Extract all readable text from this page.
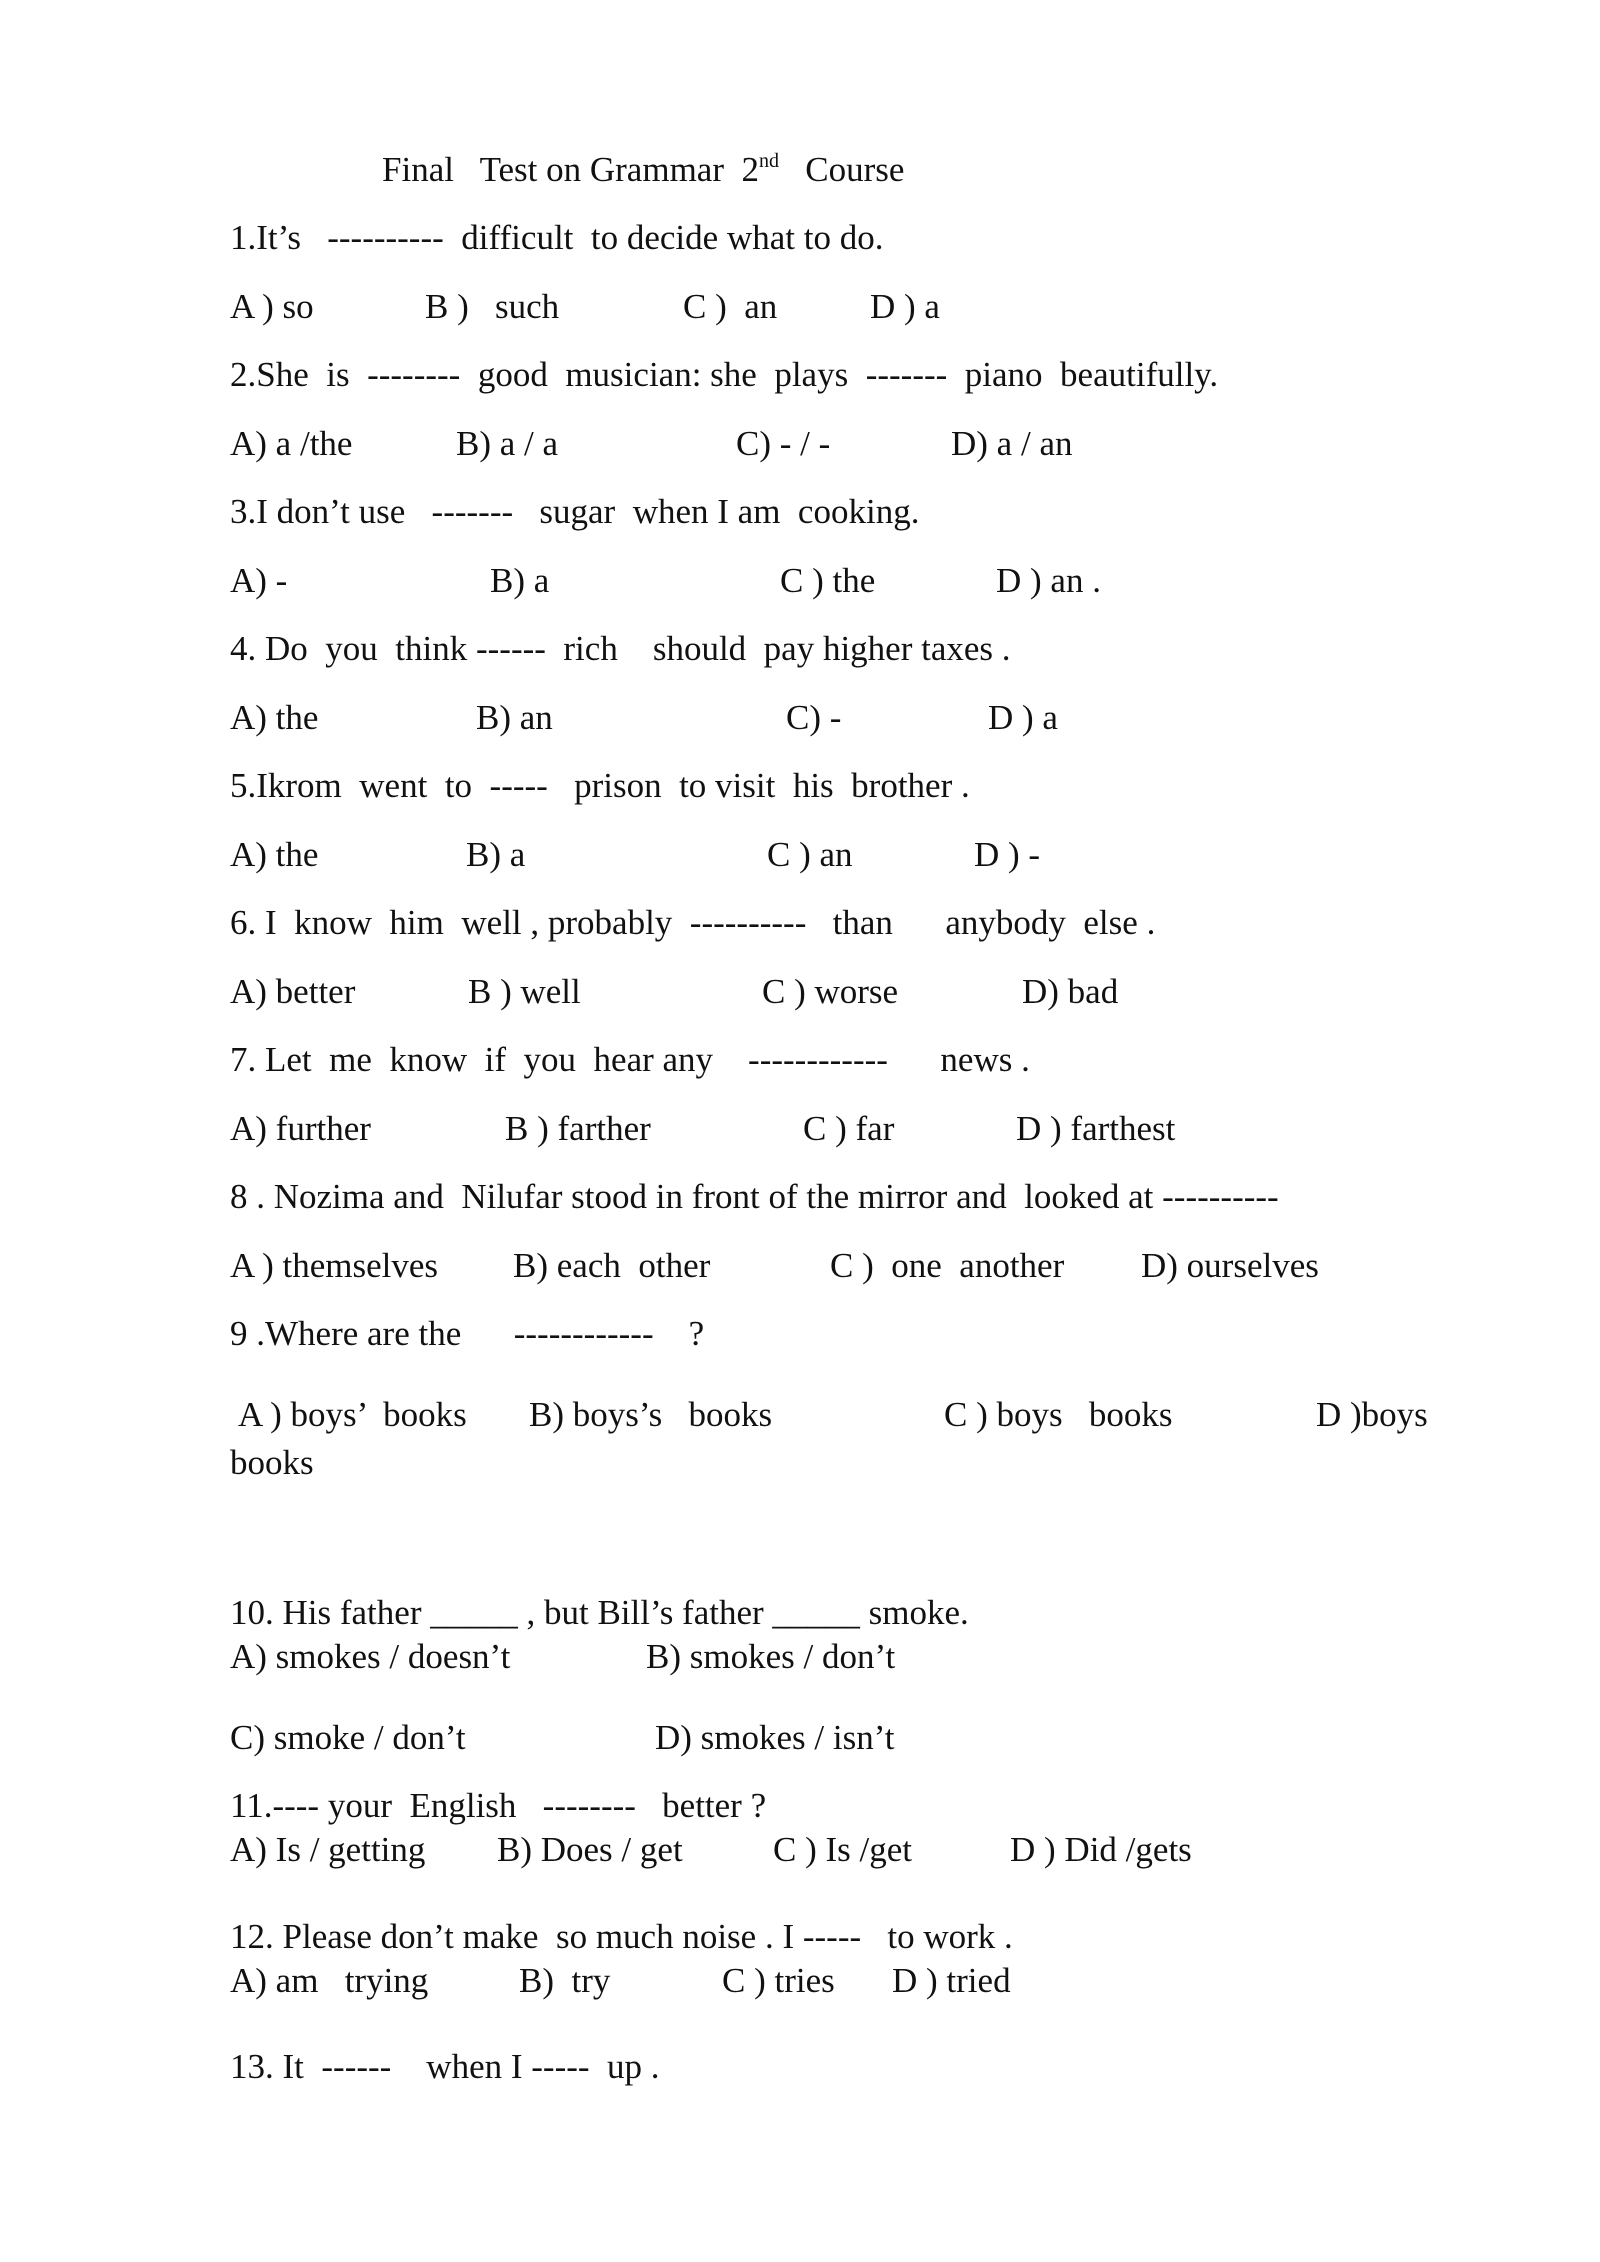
Final   Test on Grammar  2nd   Course
1.It’s   ----------  difficult  to decide what to do.
A ) so	B )   such	C )  an	D ) a
2.She  is  --------  good  musician: she  plays  -------  piano  beautifully.
A) a /the	B) a / a	C) - / -	D) a / an
3.I don’t use   -------   sugar  when I am  cooking.
A) -	B) a	C ) the	D ) an .
4. Do  you  think ------  rich    should  pay higher taxes .
A) the	B) an	C) -	D ) a
5.Ikrom  went  to  -----   prison  to visit  his  brother .
A) the	B) a	C ) an	D ) -
6. I  know  him  well , probably  ----------   than      anybody  else .
A) better	B ) well	C ) worse	D) bad
7. Let  me  know  if  you  hear any    ------------      news .
A) further	B ) farther	C ) far	D ) farthest
8 . Nozima and  Nilufar stood in front of the mirror and  looked at ----------
A ) themselves B) each  other	C )  one  another D) ourselves
9 .Where are the      ------------    ?
A ) boys’  books B) boys’s   books	C ) boys   books	D )boys
books
10. His father _____ , but Bill’s father _____ smoke.
A) smokes / doesn’t	B) smokes / don’t
C) smoke / don’t	D) smokes / isn’t
11.---- your  English   --------   better ?
A) Is / getting B) Does / get	C ) Is /get	D ) Did /gets
12. Please don’t make  so much noise . I -----   to work .
A) am   trying	B)  try	C ) tries D ) tried
13. It  ------    when I -----  up .
